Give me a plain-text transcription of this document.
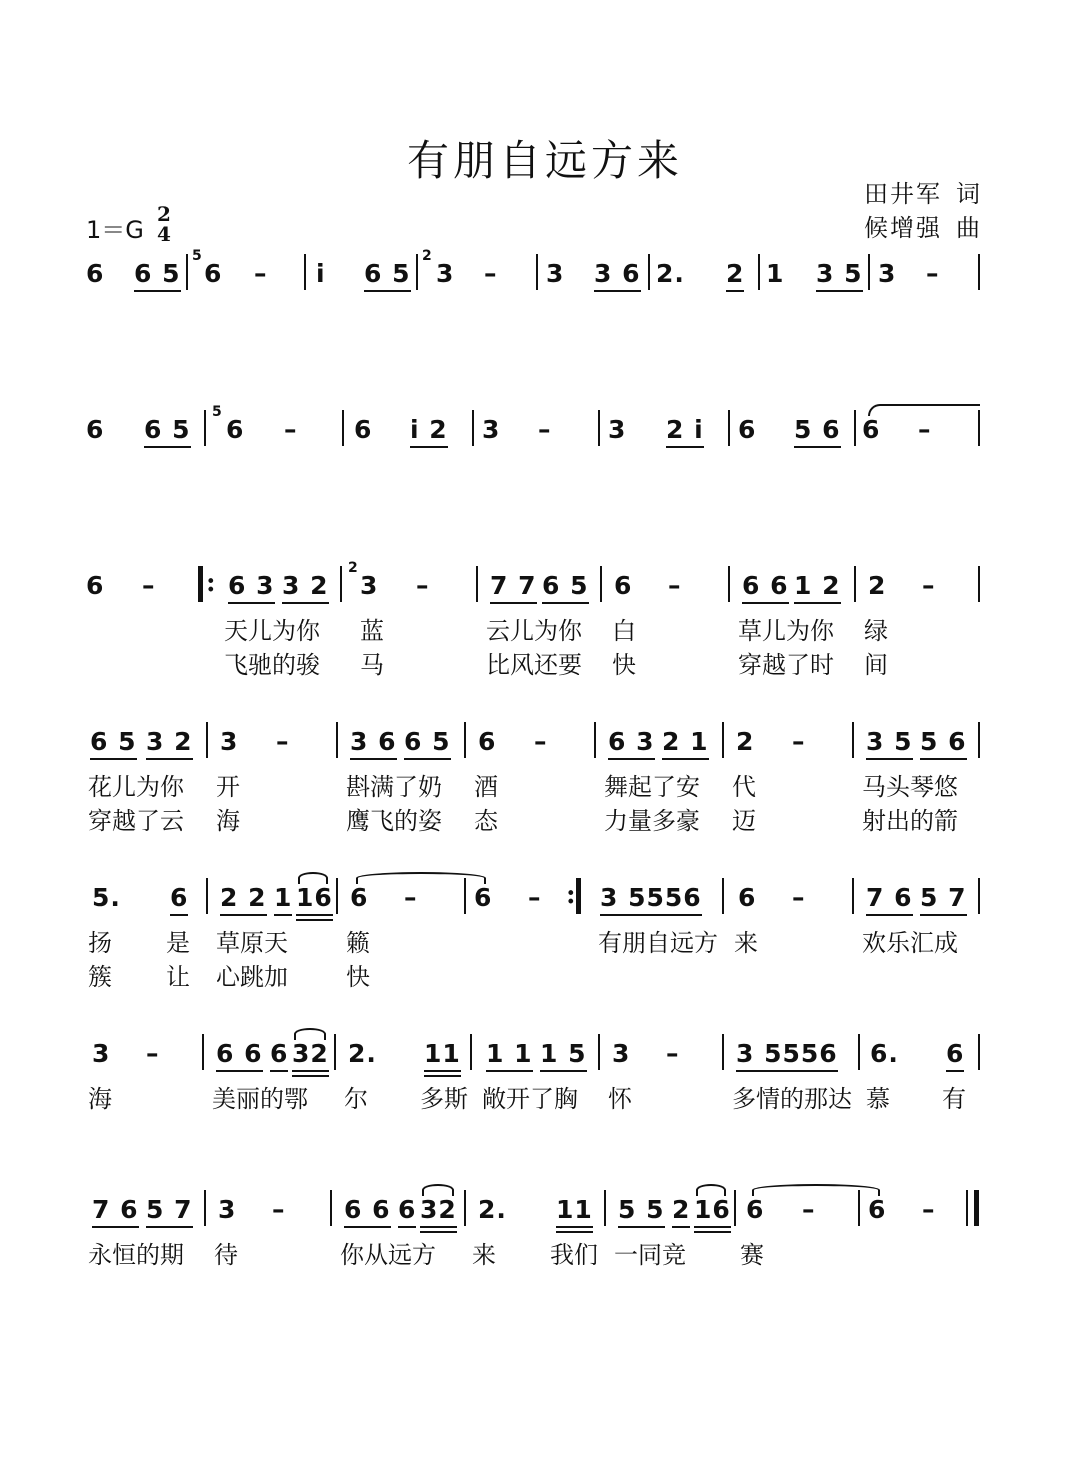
有朋自远方来
田井军 词
候增强 曲
1＝G
2
4
6 6 5
5
6 – i 6 5
2
3 – 3 3 6 2. 2 1 3 5 3 –
6 6 5
5
6 – 6 i 2 3 – 3 2 i 6 5 6 6 –
6 – :	6 3 3 2
2
3 – 7 7 6 5 6 – 6 6 1 2 2 –
天儿为你 蓝	云儿为你 白	草儿为你 绿
飞驰的骏 马	比风还要 快	穿越了时 间
6 5 3 2 3 – 3 6 6 5 6 – 6 3 2 1 2 – 3 5 5 6
花儿为你 开	斟满了奶 酒	舞起了安 代	马头琴悠
穿越了云 海	鹰飞的姿 态	力量多豪 迈	射出的箭
5. 6 2 2 1 16 6 – 6 – : 3 5556 6 – 7 6 5 7
扬 是 草原天 籁	有朋自远方 来	欢乐汇成
簇 让 心跳加 快
3 – 6 6 6 32 2. 11 1 1 1 5 3 – 3 5556 6. 6
海	美丽的鄂 尔 多斯 敞开了胸 怀	多情的那达 慕 有
7 6 5 7 3 – 6 6 6 32 2. 11 5 5 2 16 6 – 6 –
永恒的期 待	你从远方 来 我们 一同竞 赛
